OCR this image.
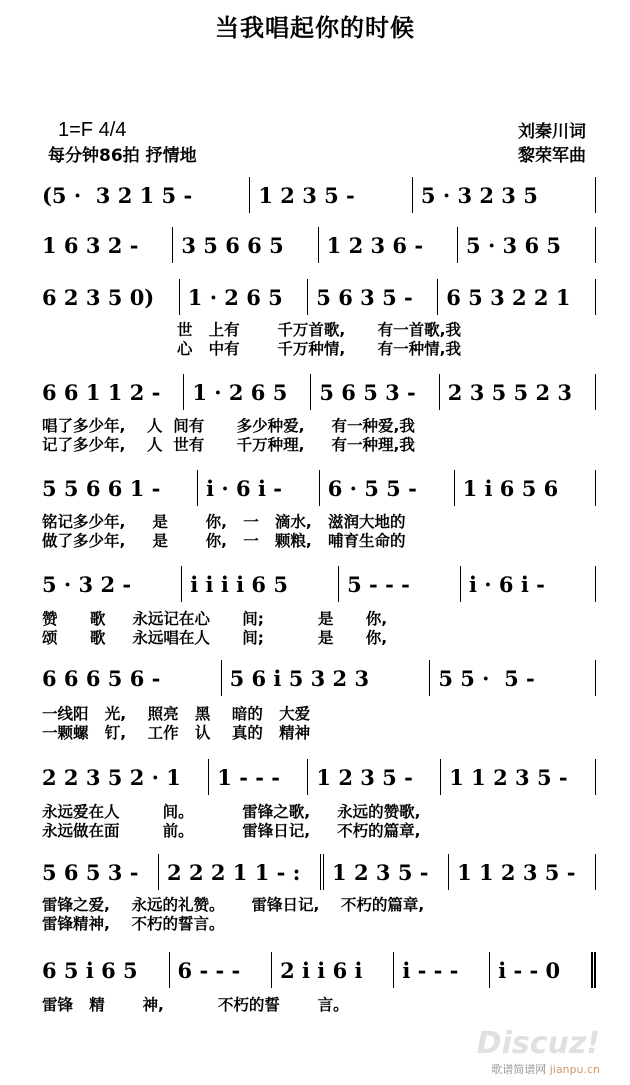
当我唱起你的时候
1=F 4/4
每分钟86拍 抒情地
刘秦川词
黎荣军曲
(5 ·  3 2 1 5 -	1 2 3 5 -	5 · 3 2 3 5
1 6 3 2 -	3 5 6 6 5	1 2 3 6 -	5 · 3 6 5
6 2 3 5 0)	1 · 2 6 5	5 6 3 5 -	6 5 3 2 2 1
世   上有       千万首歌,      有一首歌,我
心   中有       千万种情,      有一种情,我
6 6 1 1 2 -	1 · 2 6 5	5 6 5 3 -	2 3 5 5 2 3
唱了多少年,    人  间有      多少种爱,     有一种爱,我
记了多少年,    人  世有      千万种理,     有一种理,我
5 5 6 6 1 -	i · 6 i -	6 · 5 5 -	1 i 6 5 6
铭记多少年,     是       你,   一   滴水,   滋润大地的
做了多少年,     是       你,   一   颗粮,   哺育生命的
5 · 3 2 -	i i i i 6 5	5 - - -	i · 6 i -
赞      歌     永远记在心      间;          是      你,
颂      歌     永远唱在人      间;          是      你,
6 6 6 5 6 -	5 6 i 5 3 2 3	5 5 ·  5 -
一线阳   光,    照亮   黑    暗的   大爱
一颗螺   钉,    工作   认    真的   精神
2 2 3 5 2 · 1	1 - - -	1 2 3 5 -	1 1 2 3 5 -
永远爱在人        间。         雷锋之歌,     永远的赞歌,
永远做在面        前。         雷锋日记,     不朽的篇章,
5 6 5 3 -	2 2 2 1 1 - :	1 2 3 5 -	1 1 2 3 5 -
雷锋之爱,    永远的礼赞。     雷锋日记,    不朽的篇章,
雷锋精神,    不朽的誓言。
6 5 i 6 5	6 - - -	2 i i 6 i	i - - -	i - - 0
雷锋   精       神,          不朽的誓       言。
Discuz!
歌谱简谱网 jianpu.cn
